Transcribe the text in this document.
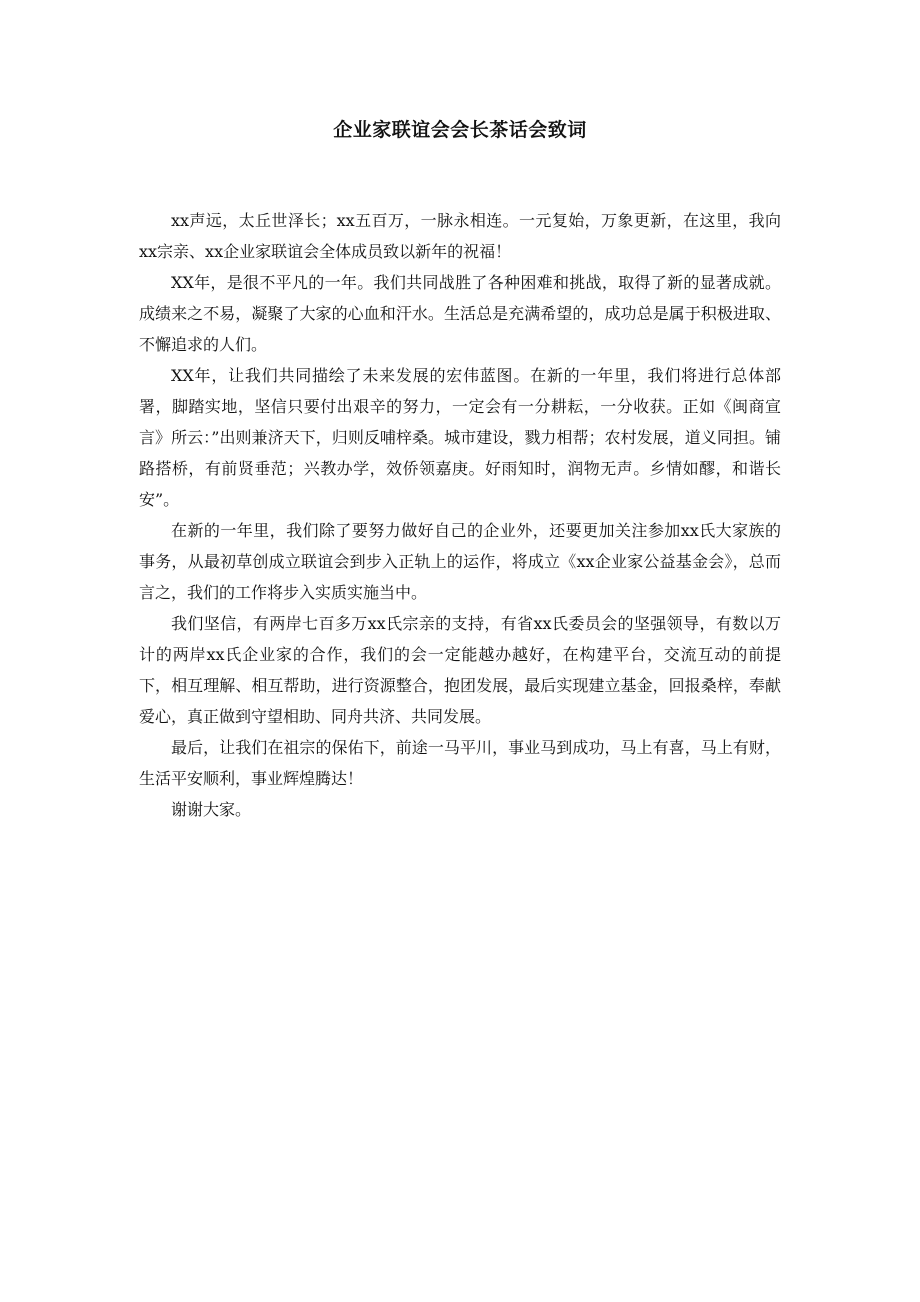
企业家联谊会会长茶话会致词

xx声远，太丘世泽长；xx五百万，一脉永相连。一元复始，万象更新，在这里，我向xx宗亲、xx企业家联谊会全体成员致以新年的祝福！

XX年，是很不平凡的一年。我们共同战胜了各种困难和挑战，取得了新的显著成就。成绩来之不易，凝聚了大家的心血和汗水。生活总是充满希望的，成功总是属于积极进取、不懈追求的人们。

XX年，让我们共同描绘了未来发展的宏伟蓝图。在新的一年里，我们将进行总体部署，脚踏实地，坚信只要付出艰辛的努力，一定会有一分耕耘，一分收获。正如《闽商宣言》所云：”出则兼济天下，归则反哺梓桑。城市建设，戮力相帮；农村发展，道义同担。铺路搭桥，有前贤垂范；兴教办学，效侨领嘉庚。好雨知时，润物无声。乡情如醪，和谐长安”。

在新的一年里，我们除了要努力做好自己的企业外，还要更加关注参加xx氏大家族的事务，从最初草创成立联谊会到步入正轨上的运作，将成立《xx企业家公益基金会》，总而言之，我们的工作将步入实质实施当中。

我们坚信，有两岸七百多万xx氏宗亲的支持，有省xx氏委员会的坚强领导，有数以万计的两岸xx氏企业家的合作，我们的会一定能越办越好，在构建平台，交流互动的前提下，相互理解、相互帮助，进行资源整合，抱团发展，最后实现建立基金，回报桑梓，奉献爱心，真正做到守望相助、同舟共济、共同发展。

最后，让我们在祖宗的保佑下，前途一马平川，事业马到成功，马上有喜，马上有财，生活平安顺利，事业辉煌腾达！

谢谢大家。
